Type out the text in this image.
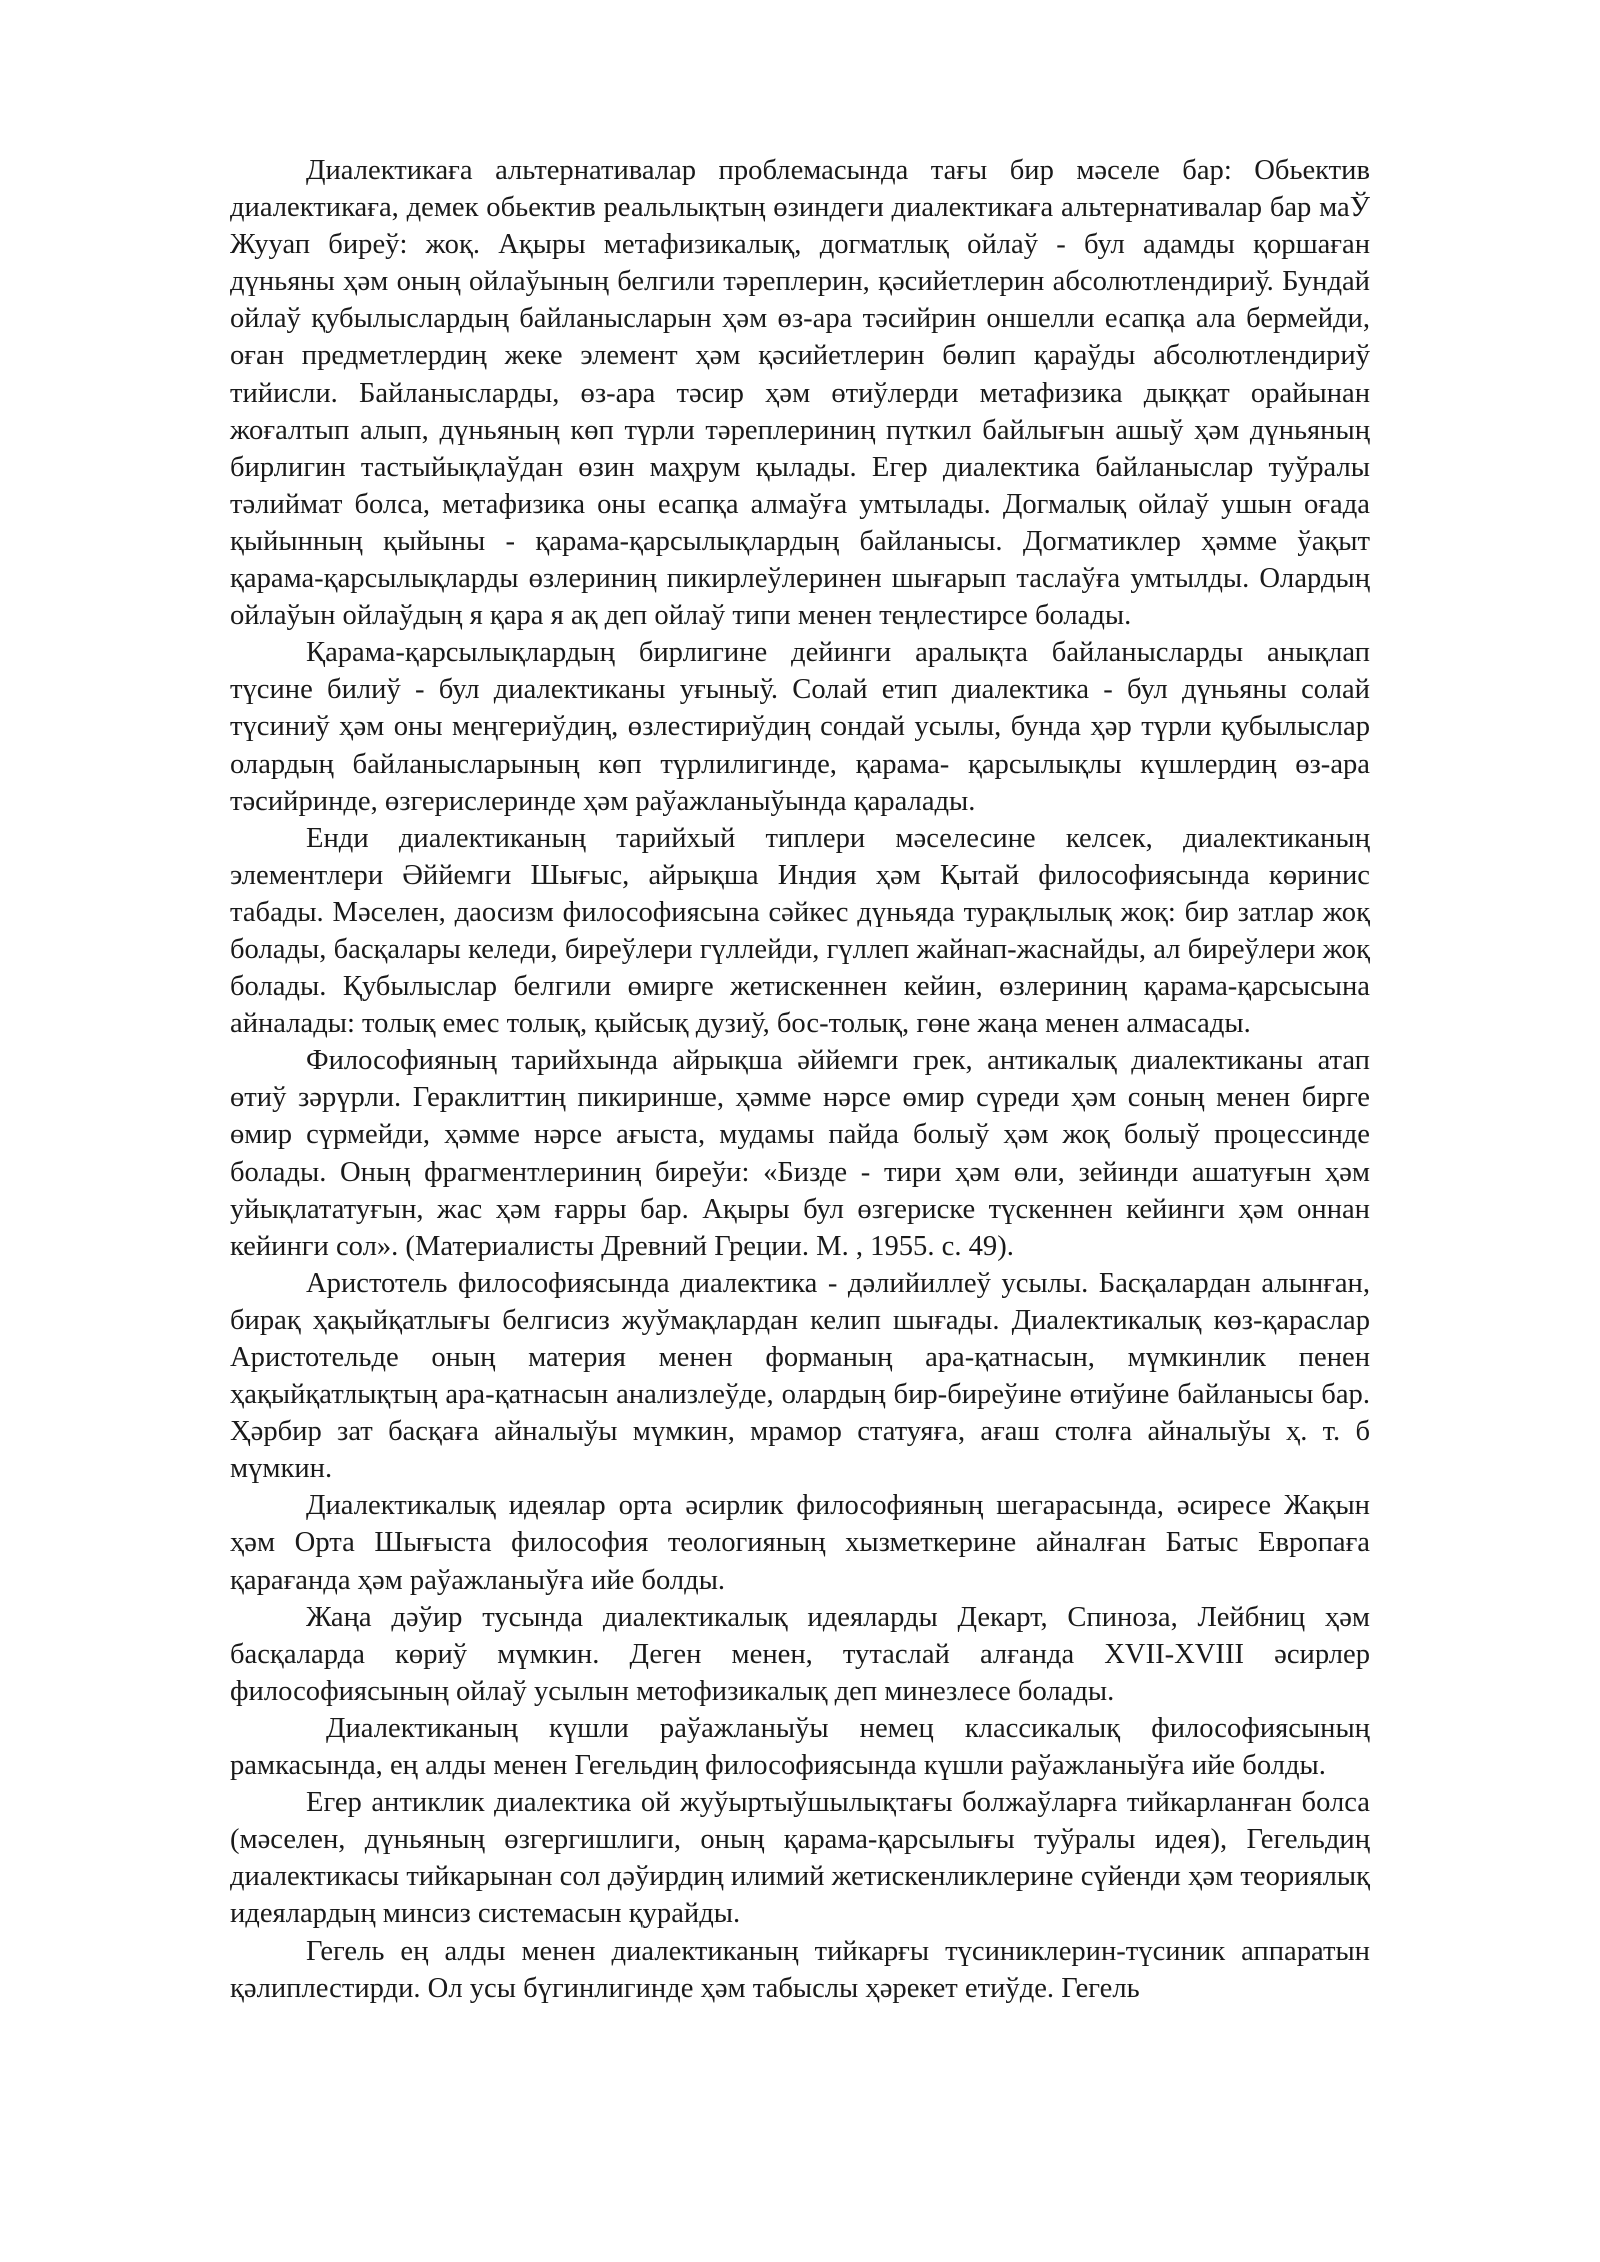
Диалектикаға альтернативалар проблемасында тағы бир мәселе бар: Обьектив диалектикаға, демек обьектив реальлықтың өзиндеги диалектикаға альтернативалар бар маЎ Жууап биреў: жоқ. Ақыры метафизикалық, догматлық ойлаў - бул адамды қоршаған дүньяны ҳәм оның ойлаўының белгили тәреплерин, қәсийетлерин абсолютлендириў. Бундай ойлаў қубылыслардың байланысларын ҳәм өз-ара тәсийрин оншелли есапқа ала бермейди, оған предметлердиң жеке элемент ҳәм қәсийетлерин бөлип қараўды абсолютлендириў тийисли. Байланысларды, өз-ара тәсир ҳәм өтиўлерди метафизика дыққат орайынан жоғалтып алып, дүньяның көп түрли тәреплериниң пүткил байлығын ашыў ҳәм дүньяның бирлигин тастыйықлаўдан өзин маҳрум қылады. Егер диалектика байланыслар туўралы тәлиймат болса, метафизика оны есапқа алмаўға умтылады. Догмалық ойлаў ушын оғада қыйынның қыйыны - қарама-қарсылықлардың байланысы. Догматиклер ҳәмме ўақыт қарама-қарсылықларды өзлериниң пикирлеўлеринен шығарып таслаўға умтылды. Олардың ойлаўын ойлаўдың я қара я ақ деп ойлаў типи менен теңлестирсе болады.

Қарама-қарсылықлардың бирлигине дейинги аралықта байланысларды анықлап түсине билиў - бул диалектиканы уғыныў. Солай етип диалектика - бул дүньяны солай түсиниў ҳәм оны меңгериўдиң, өзлестириўдиң сондай усылы, бунда ҳәр түрли қубылыслар олардың байланысларының көп түрлилигинде, қарама- қарсылықлы күшлердиң өз-ара тәсийринде, өзгерислеринде ҳәм раўажланыўында қаралады.

Енди диалектиканың тарийхый типлери мәселесине келсек, диалектиканың элементлери Әййемги Шығыс, айрықша Индия ҳәм Қытай философиясында көринис табады. Мәселен, даосизм философиясына сәйкес дүньяда турақлылық жоқ: бир затлар жоқ болады, басқалары келеди, биреўлери гүллейди, гүллеп жайнап-жаснайды, ал биреўлери жоқ болады. Қубылыслар белгили өмирге жетискеннен кейин, өзлериниң қарама-қарсысына айналады: толық емес толық, қыйсық дузиў, бос-толық, гөне жаңа менен алмасады.

Философияның тарийхында айрықша әййемги грек, антикалық диалектиканы атап өтиў зәрүрли. Гераклиттиң пикиринше, ҳәмме нәрсе өмир сүреди ҳәм соның менен бирге өмир сүрмейди, ҳәмме нәрсе ағыста, мудамы пайда болыў ҳәм жоқ болыў процессинде болады. Оның фрагментлериниң биреўи: «Бизде - тири ҳәм өли, зейинди ашатуғын ҳәм уйықлататуғын, жас ҳәм ғарры бар. Ақыры бул өзгериске түскеннен кейинги ҳәм оннан кейинги сол». (Материалисты Древний Греции. М. , 1955. с. 49).

Аристотель философиясында диалектика - дәлийиллеў усылы. Басқалардан алынған, бирақ ҳақыйқатлығы белгисиз жуўмақлардан келип шығады. Диалектикалық көз-қараслар Аристотельде оның материя менен форманың ара-қатнасын, мүмкинлик пенен ҳақыйқатлықтың ара-қатнасын анализлеўде, олардың бир-биреўине өтиўине байланысы бар. Ҳәрбир зат басқаға айналыўы мүмкин, мрамор статуяға, ағаш столға айналыўы ҳ. т. б мүмкин.

Диалектикалық идеялар орта әсирлик философияның шегарасында, әсиресе Жақын ҳәм Орта Шығыста философия теологияның хызметкерине айналған Батыс Европаға қарағанда ҳәм раўажланыўға ийе болды.

Жаңа дәўир тусында диалектикалық идеяларды Декарт, Спиноза, Лейбниц ҳәм басқаларда көриў мүмкин. Деген менен, тутаслай алғанда XVII-XVIII әсирлер философиясының ойлаў усылын метофизикалық деп минезлесе болады.

Диалектиканың күшли раўажланыўы немец классикалық философиясының рамкасында, ең алды менен Гегельдиң философиясында күшли раўажланыўға ийе болды.

Егер антиклик диалектика ой жуўыртыўшылықтағы болжаўларға тийкарланған болса (мәселен, дүньяның өзгергишлиги, оның қарама-қарсылығы туўралы идея), Гегельдиң диалектикасы тийкарынан сол дәўирдиң илимий жетискенликлерине сүйенди ҳәм теориялық идеялардың минсиз системасын қурайды.

Гегель ең алды менен диалектиканың тийкарғы түсиниклерин-түсиник аппаратын қәлиплестирди. Ол усы бүгинлигинде ҳәм табыслы ҳәрекет етиўде. Гегель
